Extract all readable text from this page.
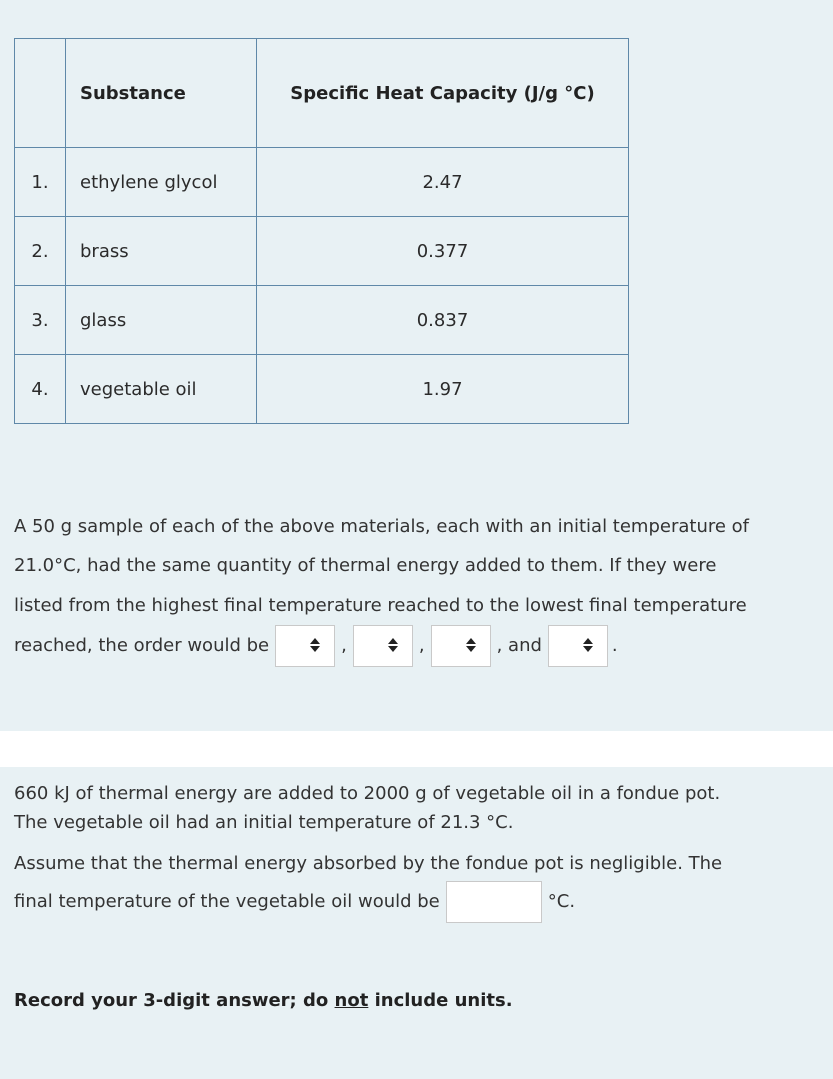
	Substance	Specific Heat Capacity (J/g °C)
1.	ethylene glycol	2.47
2.	brass	0.377
3.	glass	0.837
4.	vegetable oil	1.97
A 50 g sample of each of the above materials, each with an initial temperature of
21.0°C, had the same quantity of thermal energy added to them. If they were
listed from the highest final temperature reached to the lowest final temperature
reached, the order would be	,	,	, and	.
660 kJ of thermal energy are added to 2000 g of vegetable oil in a fondue pot.
The vegetable oil had an initial temperature of 21.3 °C.
Assume that the thermal energy absorbed by the fondue pot is negligible. The
final temperature of the vegetable oil would be	°C.
Record your 3-digit answer; do not include units.
